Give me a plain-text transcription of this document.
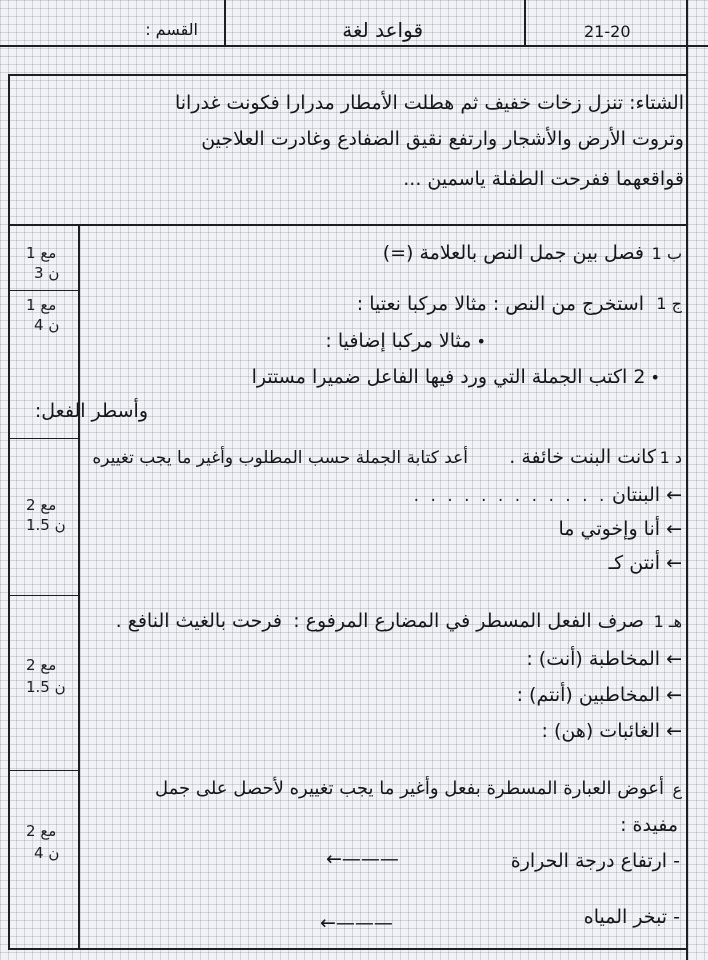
القسم :	قواعد لغة	21-20
الشتاء: تنزل زخات خفيف ثم هطلت الأمطار مدرارا فكونت غدرانا
وتروت الأرض والأشجار وارتفع نقيق الضفادع وغادرت العلاجين
قواقعهما ففرحت الطفلة ياسمين ...
مع 1
3 ن
ب 1
فصل بين جمل النص بالعلامة (=)
مع 1
4 ن
ج 1
استخرج من النص : مثالا مركبا نعتيا :
• مثالا مركبا إضافيا :
• 2 اكتب الجملة التي ورد فيها الفاعل ضميرا مستترا
وأسطر الفعل:
مع 2
1.5 ن
د 1
كانت البنت خائفة .
أعد كتابة الجملة حسب المطلوب وأغير ما يجب تغييره
← البنتان . . . . . . . . . . . .
← أنا وإخوتي ما
← أنتن كـ
مع 2
1.5 ن
هـ 1
صرف الفعل المسطر في المضارع المرفوع :
فرحت بالغيث النافع .
← المخاطبة (أنت) :
← المخاطبين (أنتم) :
← الغائبات (هن) :
مع 2
4 ن
ع
أعوض العبارة المسطرة بفعل وأغير ما يجب تغييره لأحصل على جمل
مفيدة :
- ارتفاع درجة الحرارة
←———
- تبخر المياه
←———
